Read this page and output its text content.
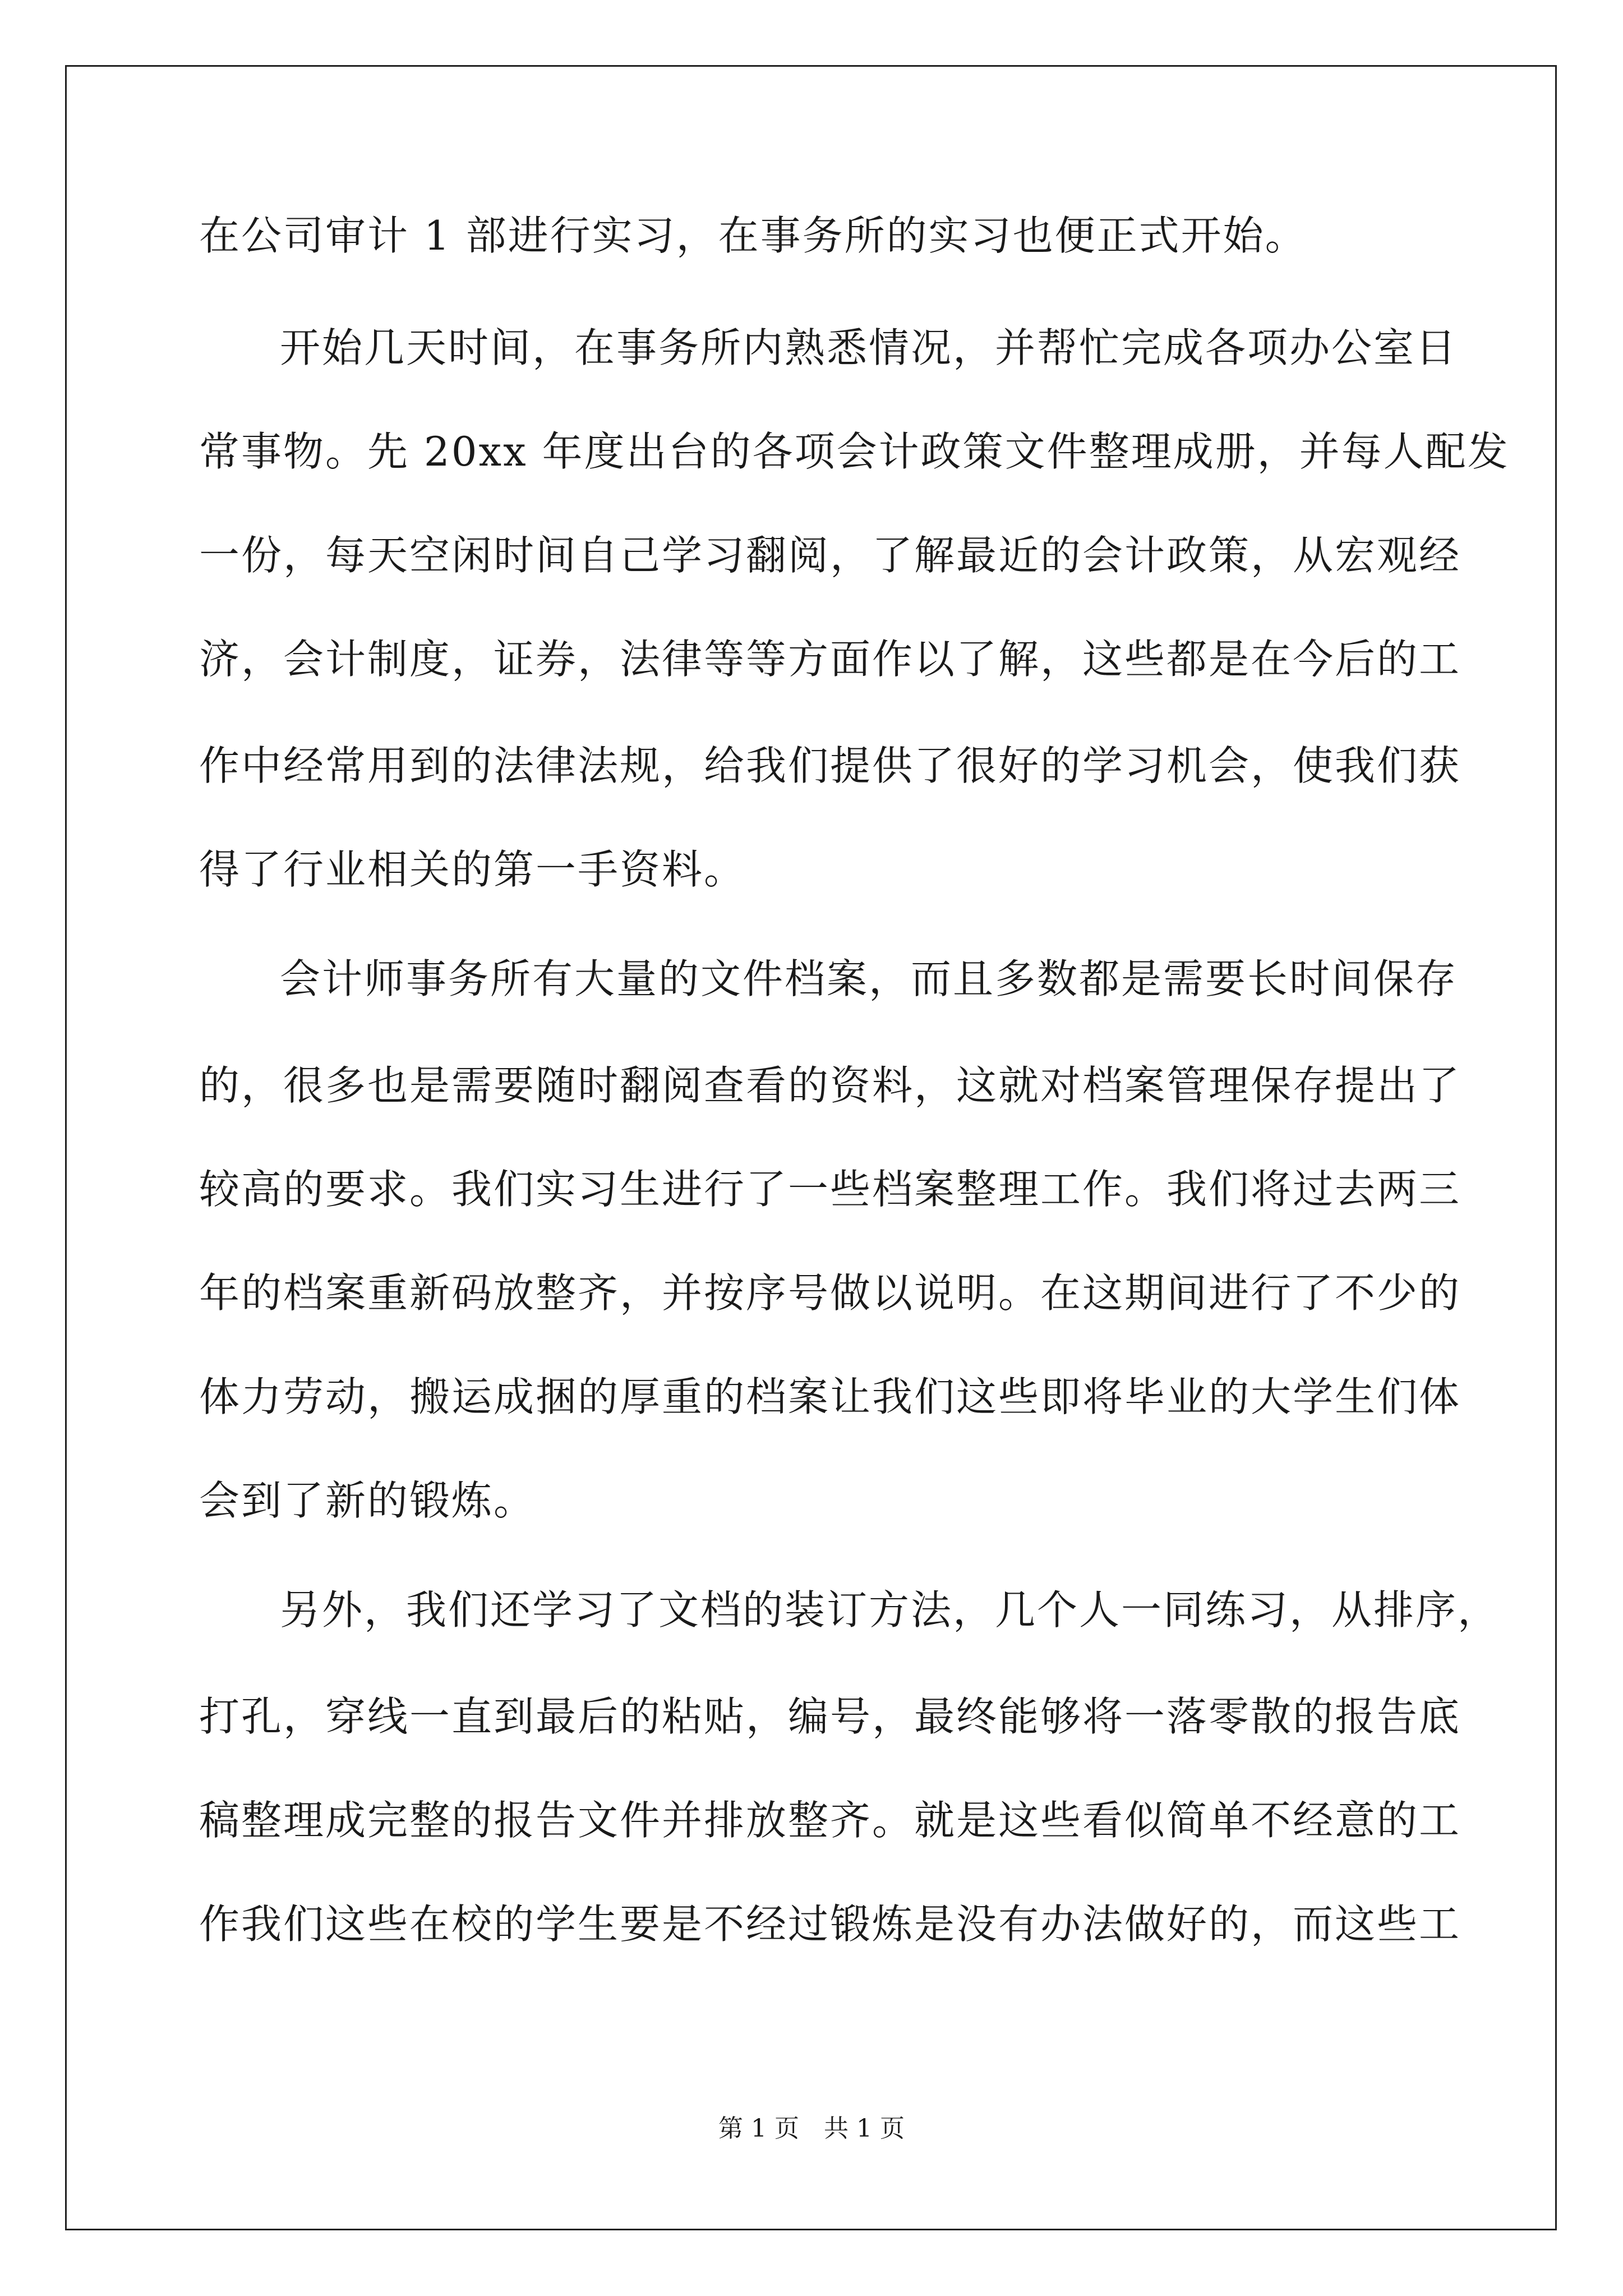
在公司审计 1 部进行实习，在事务所的实习也便正式开始。
开始几天时间，在事务所内熟悉情况，并帮忙完成各项办公室日
常事物。先 20xx 年度出台的各项会计政策文件整理成册，并每人配发
一份，每天空闲时间自己学习翻阅，了解最近的会计政策，从宏观经
济，会计制度，证券，法律等等方面作以了解，这些都是在今后的工
作中经常用到的法律法规，给我们提供了很好的学习机会，使我们获
得了行业相关的第一手资料。
会计师事务所有大量的文件档案，而且多数都是需要长时间保存
的，很多也是需要随时翻阅查看的资料，这就对档案管理保存提出了
较高的要求。我们实习生进行了一些档案整理工作。我们将过去两三
年的档案重新码放整齐，并按序号做以说明。在这期间进行了不少的
体力劳动，搬运成捆的厚重的档案让我们这些即将毕业的大学生们体
会到了新的锻炼。
另外，我们还学习了文档的装订方法，几个人一同练习，从排序，
打孔，穿线一直到最后的粘贴，编号，最终能够将一落零散的报告底
稿整理成完整的报告文件并排放整齐。就是这些看似简单不经意的工
作我们这些在校的学生要是不经过锻炼是没有办法做好的，而这些工
第 1 页　共 1 页
